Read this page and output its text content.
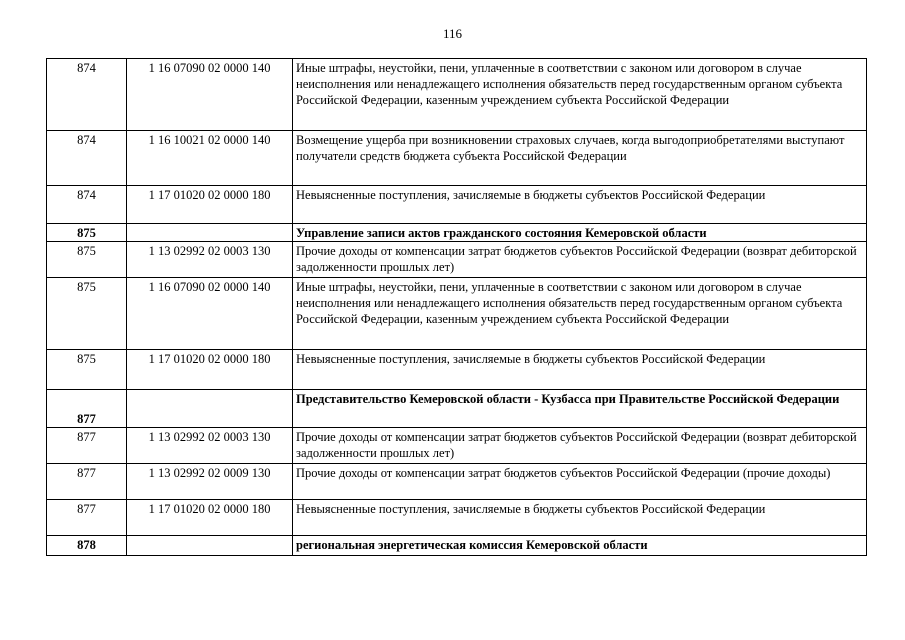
116
874	1 16 07090 02 0000 140	Иные штрафы, неустойки, пени, уплаченные в соответствии с законом или договором в случае неисполнения или ненадлежащего исполнения обязательств перед государственным органом субъекта Российской Федерации, казенным учреждением субъекта Российской Федерации
874	1 16 10021 02 0000 140	Возмещение ущерба при возникновении страховых случаев, когда выгодоприобретателями выступают получатели средств бюджета субъекта Российской Федерации
874	1 17 01020 02 0000 180	Невыясненные поступления, зачисляемые в бюджеты субъектов Российской Федерации
875		Управление записи актов гражданского состояния Кемеровской области
875	1 13 02992 02 0003 130	Прочие доходы от компенсации затрат бюджетов субъектов Российской Федерации (возврат дебиторской задолженности прошлых лет)
875	1 16 07090 02 0000 140	Иные штрафы, неустойки, пени, уплаченные в соответствии с законом или договором в случае неисполнения или ненадлежащего исполнения обязательств перед государственным органом субъекта Российской Федерации, казенным учреждением субъекта Российской Федерации
875	1 17 01020 02 0000 180	Невыясненные поступления, зачисляемые в бюджеты субъектов Российской Федерации
877		Представительство Кемеровской области - Кузбасса при Правительстве Российской Федерации
877	1 13 02992 02 0003 130	Прочие доходы от компенсации затрат бюджетов субъектов Российской Федерации (возврат дебиторской задолженности прошлых лет)
877	1 13 02992 02 0009 130	Прочие доходы от компенсации затрат бюджетов субъектов Российской Федерации (прочие доходы)
877	1 17 01020 02 0000 180	Невыясненные поступления, зачисляемые в бюджеты субъектов Российской Федерации
878		региональная энергетическая комиссия Кемеровской области
